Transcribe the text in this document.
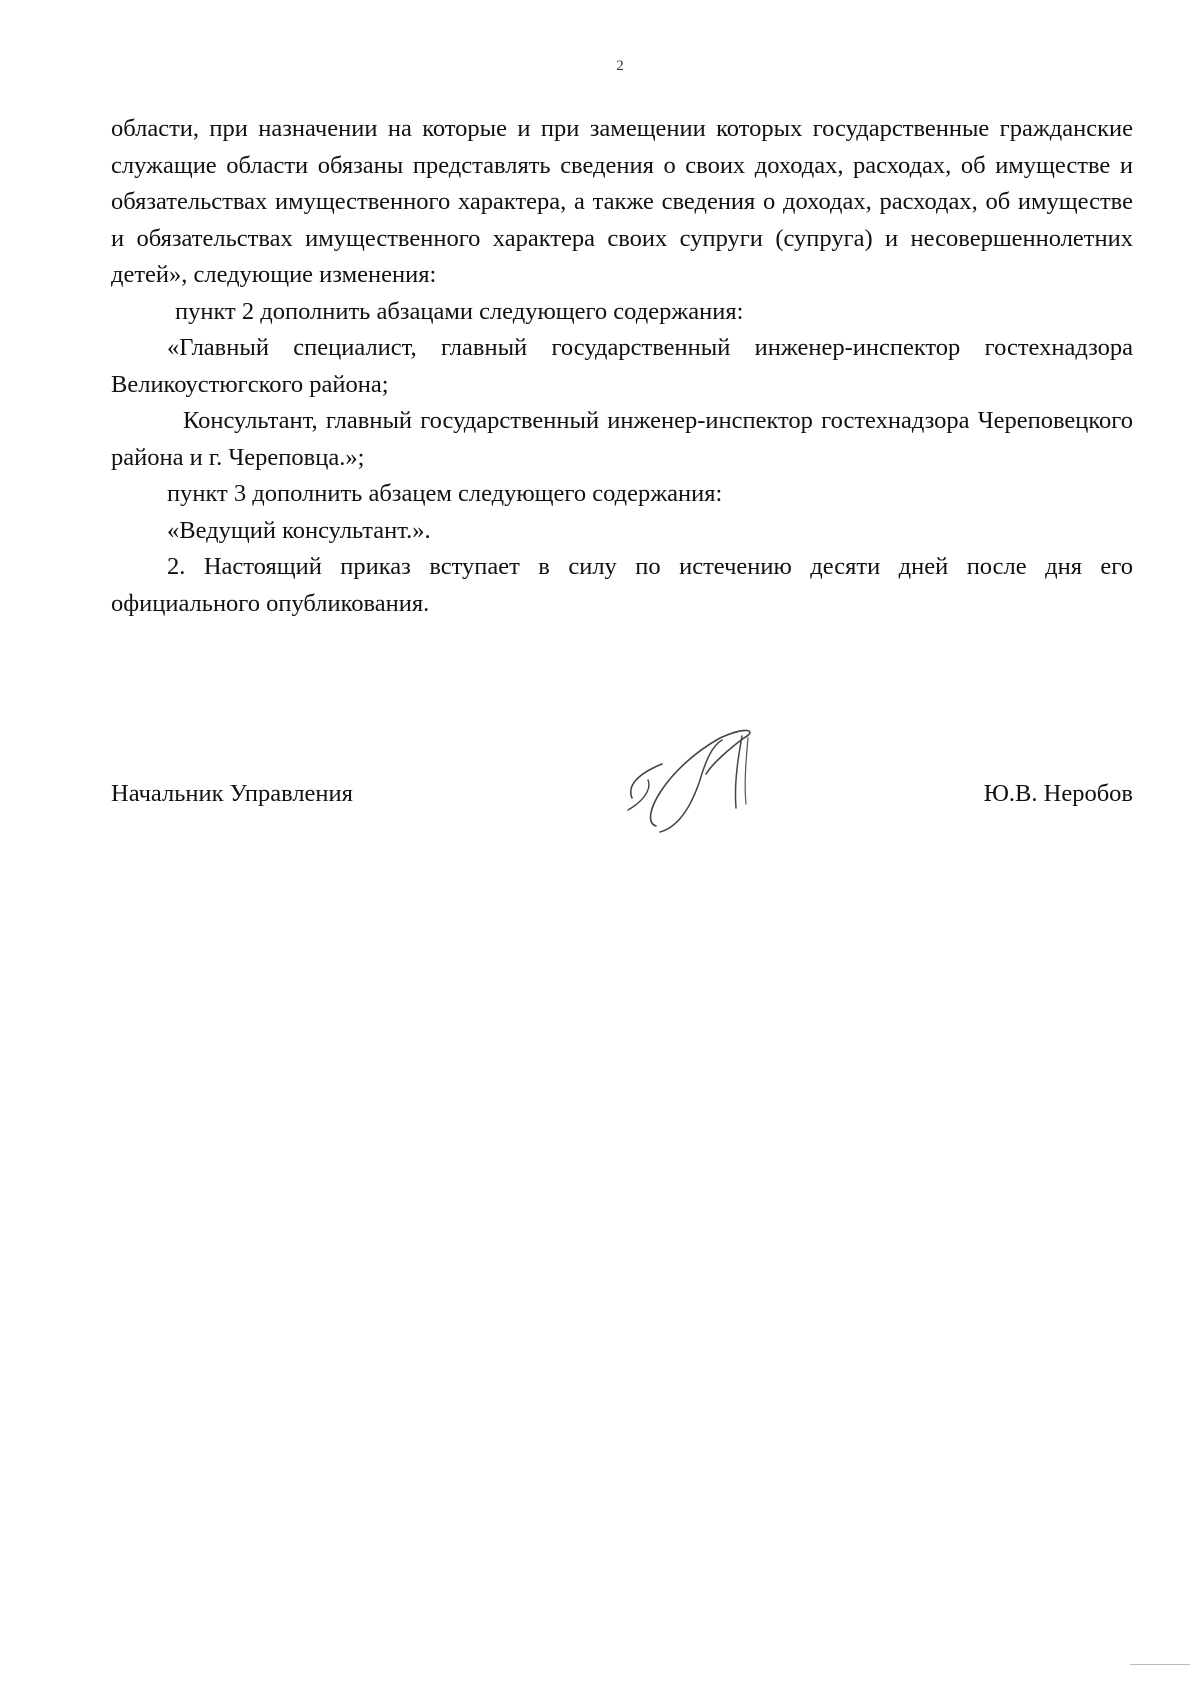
2

области, при назначении на которые и при замещении которых государственные гражданские служащие области обязаны представлять сведения о своих доходах, расходах, об имуществе и обязательствах имущественного характера, а также сведения о доходах, расходах, об имуществе и обязательствах имущественного характера своих супруги (супруга) и несовершеннолетних детей», следующие изменения:

пункт 2 дополнить абзацами следующего содержания:

«Главный специалист, главный государственный инженер-инспектор гостехнадзора Великоустюгского района;

Консультант, главный государственный инженер-инспектор гостехнадзора Череповецкого района и г. Череповца.»;

пункт 3 дополнить абзацем следующего содержания:

«Ведущий консультант.».

2. Настоящий приказ вступает в силу по истечению десяти дней после дня его официального опубликования.

Начальник Управления	Ю.В. Неробов
